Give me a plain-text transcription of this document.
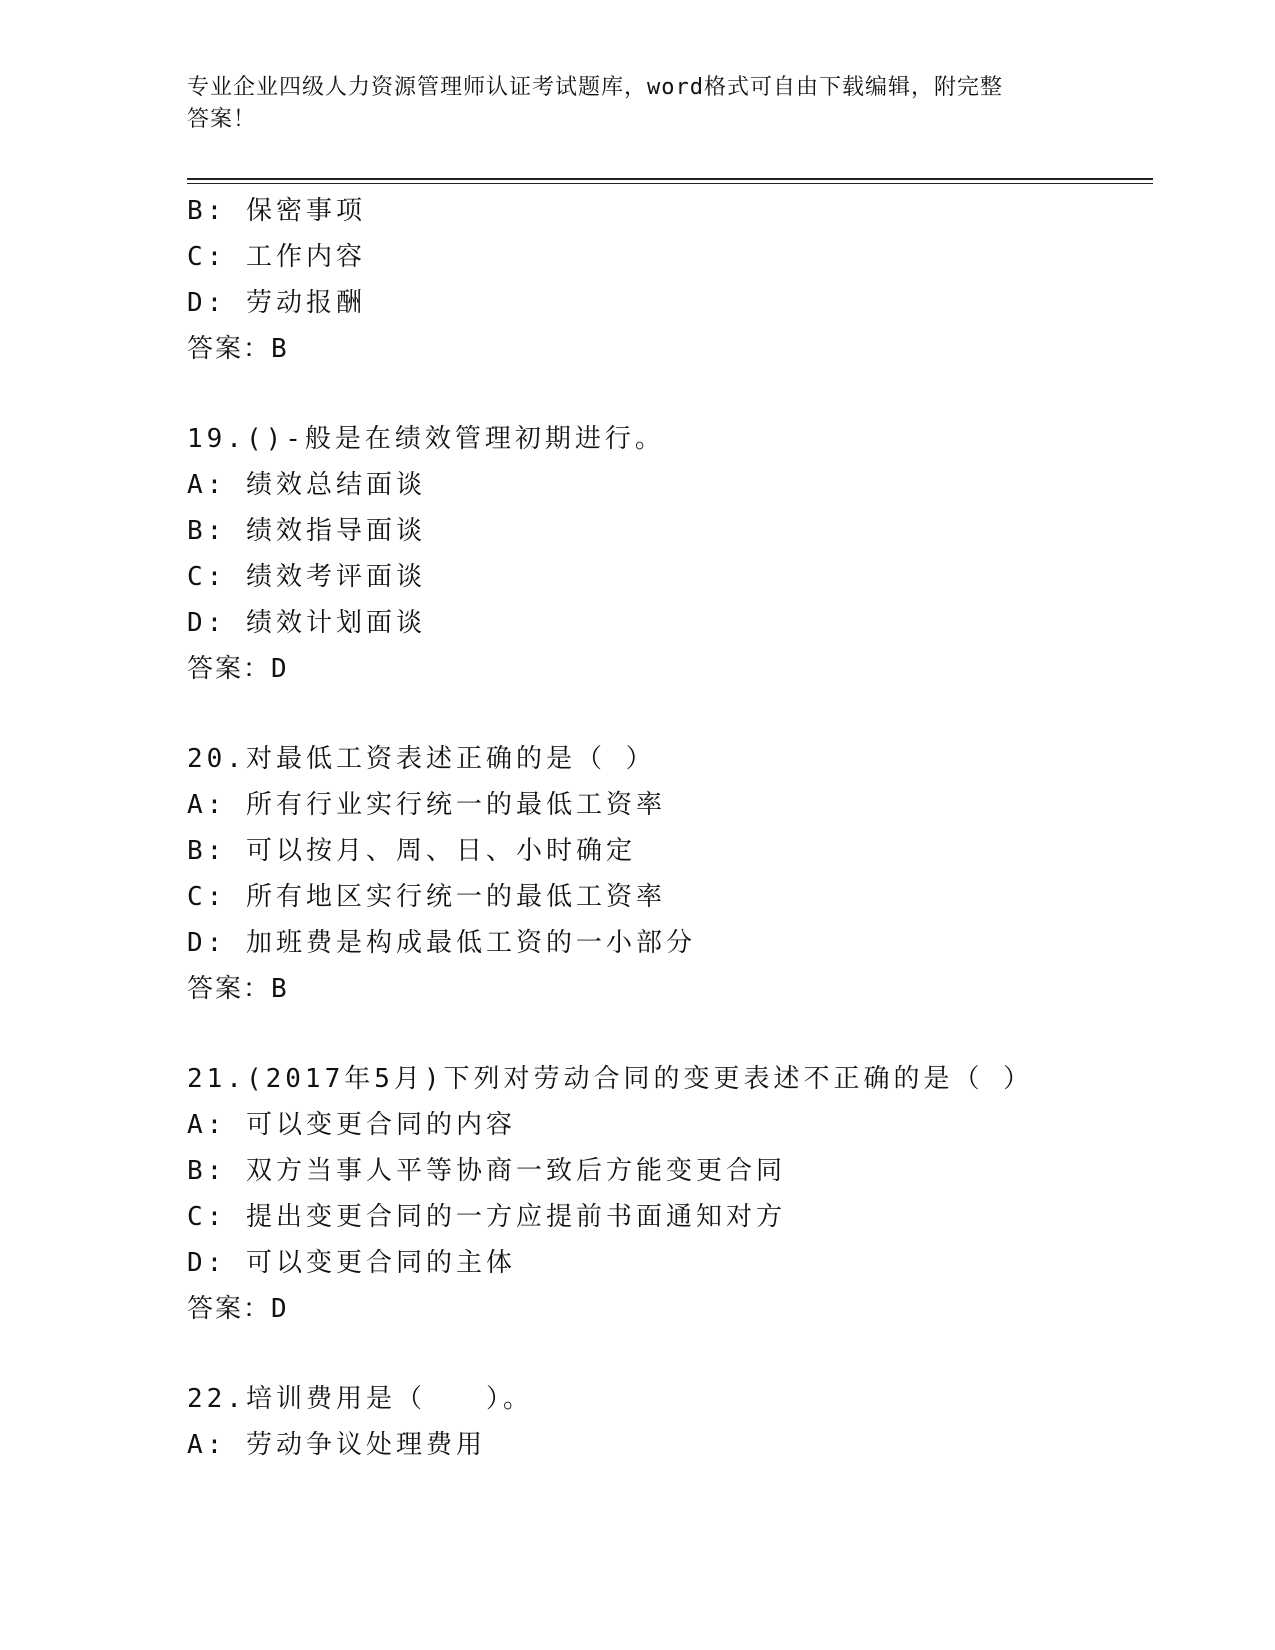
专业企业四级人力资源管理师认证考试题库，word格式可自由下载编辑，附完整
答案！
B: 保密事项
C: 工作内容
D: 劳动报酬
答案：B
19.()-般是在绩效管理初期进行。
A: 绩效总结面谈
B: 绩效指导面谈
C: 绩效考评面谈
D: 绩效计划面谈
答案：D
20.对最低工资表述正确的是（ ）
A: 所有行业实行统一的最低工资率
B: 可以按月、周、日、小时确定
C: 所有地区实行统一的最低工资率
D: 加班费是构成最低工资的一小部分
答案：B
21.(2017年5月)下列对劳动合同的变更表述不正确的是（ ）
A: 可以变更合同的内容
B: 双方当事人平等协商一致后方能变更合同
C: 提出变更合同的一方应提前书面通知对方
D: 可以变更合同的主体
答案：D
22.培训费用是（　　）。
A: 劳动争议处理费用
